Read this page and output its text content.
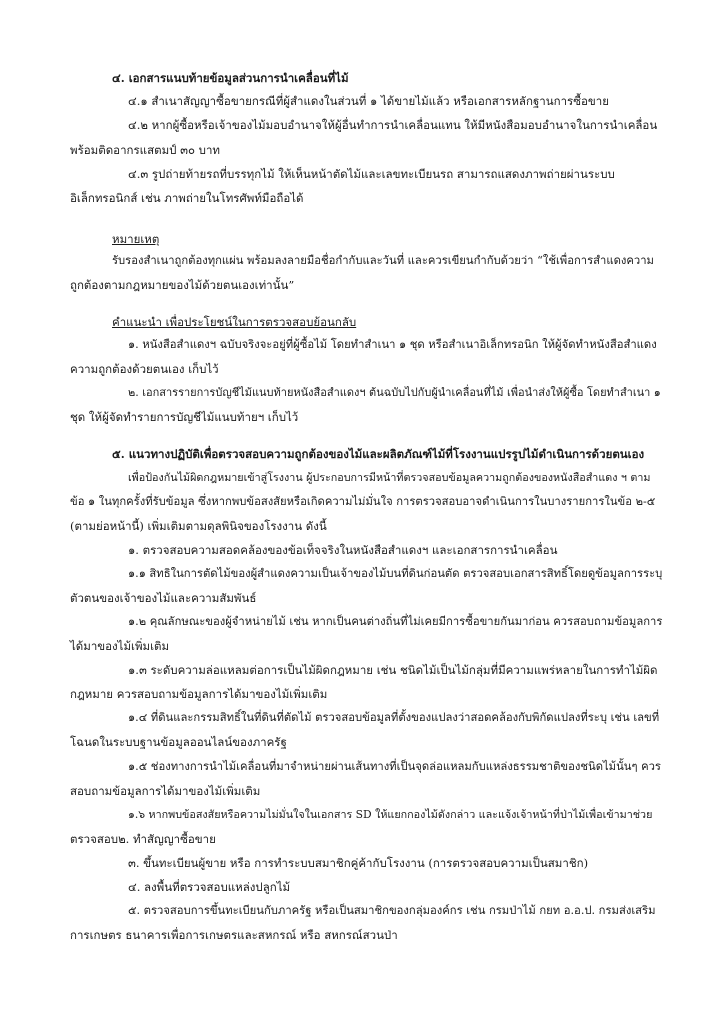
๔. เอกสารแนบท้ายข้อมูลส่วนการนำเคลื่อนที่ไม้
๔.๑ สำเนาสัญญาซื้อขายกรณีที่ผู้สำแดงในส่วนที่ ๑ ได้ขายไม้แล้ว หรือเอกสารหลักฐานการซื้อขาย
๔.๒ หากผู้ซื้อหรือเจ้าของไม้มอบอำนาจให้ผู้อื่นทำการนำเคลื่อนแทน ให้มีหนังสือมอบอำนาจในการนำเคลื่อน
พร้อมติดอากรแสตมป์ ๓๐ บาท
๔.๓ รูปถ่ายท้ายรถที่บรรทุกไม้ ให้เห็นหน้าตัดไม้และเลขทะเบียนรถ สามารถแสดงภาพถ่ายผ่านระบบ
อิเล็กทรอนิกส์ เช่น ภาพถ่ายในโทรศัพท์มือถือได้
หมายเหตุ
รับรองสำเนาถูกต้องทุกแผ่น พร้อมลงลายมือชื่อกำกับและวันที่ และควรเขียนกำกับด้วยว่า “ใช้เพื่อการสำแดงความ
ถูกต้องตามกฎหมายของไม้ด้วยตนเองเท่านั้น”
คำแนะนำ เพื่อประโยชน์ในการตรวจสอบย้อนกลับ
๑. หนังสือสำแดงฯ ฉบับจริงจะอยู่ที่ผู้ซื้อไม้ โดยทำสำเนา ๑ ชุด หรือสำเนาอิเล็กทรอนิก ให้ผู้จัดทำหนังสือสำแดง
ความถูกต้องด้วยตนเอง เก็บไว้
๒. เอกสารรายการบัญชีไม้แนบท้ายหนังสือสำแดงฯ ต้นฉบับไปกับผู้นำเคลื่อนที่ไม้ เพื่อนำส่งให้ผู้ซื้อ โดยทำสำเนา ๑
ชุด ให้ผู้จัดทำรายการบัญชีไม้แนบท้ายฯ เก็บไว้
๕. แนวทางปฏิบัติเพื่อตรวจสอบความถูกต้องของไม้และผลิตภัณฑ์ไม้ที่โรงงานแปรรูปไม้ดำเนินการด้วยตนเอง
เพื่อป้องกันไม้ผิดกฎหมายเข้าสู่โรงงาน ผู้ประกอบการมีหน้าที่ตรวจสอบข้อมูลความถูกต้องของหนังสือสำแดง ฯ ตาม
ข้อ ๑ ในทุกครั้งที่รับข้อมูล ซึ่งหากพบข้อสงสัยหรือเกิดความไม่มั่นใจ การตรวจสอบอาจดำเนินการในบางรายการในข้อ ๒-๕
(ตามย่อหน้านี้) เพิ่มเติมตามดุลพินิจของโรงงาน ดังนี้
๑. ตรวจสอบความสอดคล้องของข้อเท็จจริงในหนังสือสำแดงฯ และเอกสารการนำเคลื่อน
๑.๑ สิทธิในการตัดไม้ของผู้สำแดงความเป็นเจ้าของไม้บนที่ดินก่อนตัด ตรวจสอบเอกสารสิทธิ์โดยดูข้อมูลการระบุ
ตัวตนของเจ้าของไม้และความสัมพันธ์
๑.๒ คุณลักษณะของผู้จำหน่ายไม้ เช่น หากเป็นคนต่างถิ่นที่ไม่เคยมีการซื้อขายกันมาก่อน ควรสอบถามข้อมูลการ
ได้มาของไม้เพิ่มเติม
๑.๓ ระดับความล่อแหลมต่อการเป็นไม้ผิดกฎหมาย เช่น ชนิดไม้เป็นไม้กลุ่มที่มีความแพร่หลายในการทำไม้ผิด
กฎหมาย ควรสอบถามข้อมูลการได้มาของไม้เพิ่มเติม
๑.๔ ที่ดินและกรรมสิทธิ์ในที่ดินที่ตัดไม้ ตรวจสอบข้อมูลที่ตั้งของแปลงว่าสอดคล้องกับพิกัดแปลงที่ระบุ เช่น เลขที่
โฉนดในระบบฐานข้อมูลออนไลน์ของภาครัฐ
๑.๕ ช่องทางการนำไม้เคลื่อนที่มาจำหน่ายผ่านเส้นทางที่เป็นจุดล่อแหลมกับแหล่งธรรมชาติของชนิดไม้นั้นๆ ควร
สอบถามข้อมูลการได้มาของไม้เพิ่มเติม
๑.๖ หากพบข้อสงสัยหรือความไม่มั่นใจในเอกสาร SD ให้แยกกองไม้ดังกล่าว และแจ้งเจ้าหน้าที่ป่าไม้เพื่อเข้ามาช่วย
ตรวจสอบ๒. ทำสัญญาซื้อขาย
๓. ขึ้นทะเบียนผู้ขาย หรือ การทำระบบสมาชิกคู่ค้ากับโรงงาน (การตรวจสอบความเป็นสมาชิก)
๔. ลงพื้นที่ตรวจสอบแหล่งปลูกไม้
๕. ตรวจสอบการขึ้นทะเบียนกับภาครัฐ หรือเป็นสมาชิกของกลุ่มองค์กร เช่น กรมป่าไม้ กยท อ.อ.ป. กรมส่งเสริม
การเกษตร ธนาคารเพื่อการเกษตรและสหกรณ์ หรือ สหกรณ์สวนป่า
